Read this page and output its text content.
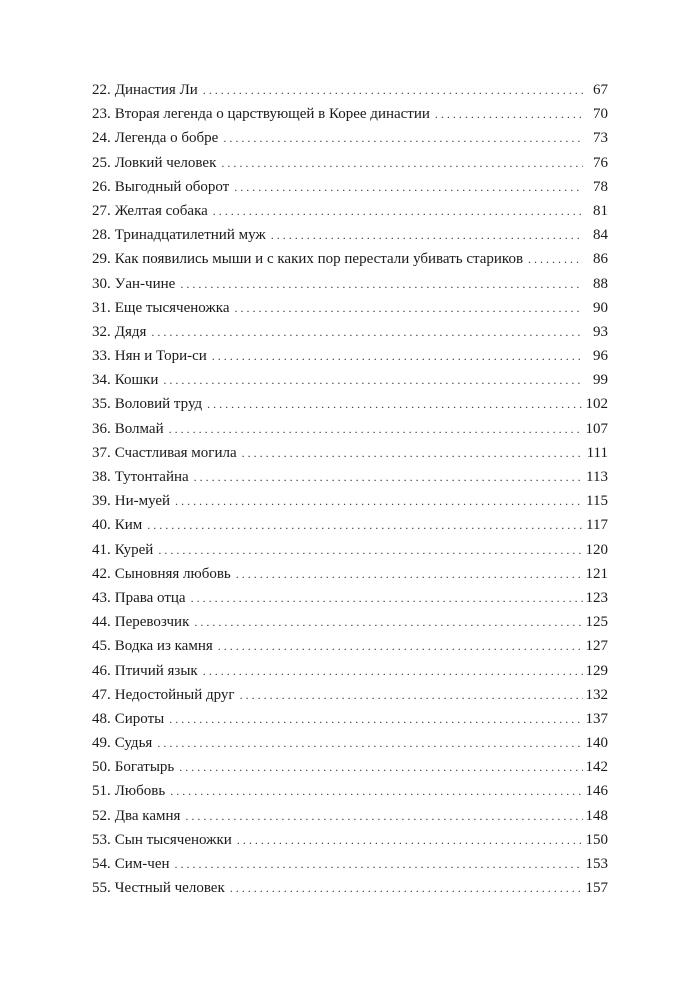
22. Династия Ли . . .	67
23. Вторая легенда о царствующей в Корее династии . . .	70
24. Легенда о бобре . . .	73
25. Ловкий человек . . .	76
26. Выгодный оборот . . .	78
27. Желтая собака . . .	81
28. Тринадцатилетний муж . . .	84
29. Как появились мыши и с каких пор перестали убивать стариков . . .	86
30. Уан-чине . . .	88
31. Еще тысяченожка . . .	90
32. Дядя . . .	93
33. Нян и Тори-си . . .	96
34. Кошки . . .	99
35. Воловий труд . . .	102
36. Волмай . . .	107
37. Счастливая могила . . .	111
38. Тутонтайна . . .	113
39. Ни-муей . . .	115
40. Ким . . .	117
41. Курей . . .	120
42. Сыновняя любовь . . .	121
43. Права отца . . .	123
44. Перевозчик . . .	125
45. Водка из камня . . .	127
46. Птичий язык . . .	129
47. Недостойный друг . . .	132
48. Сироты . . .	137
49. Судья . . .	140
50. Богатырь . . .	142
51. Любовь . . .	146
52. Два камня . . .	148
53. Сын тысяченожки . . .	150
54. Сим-чен . . .	153
55. Честный человек . . .	157
